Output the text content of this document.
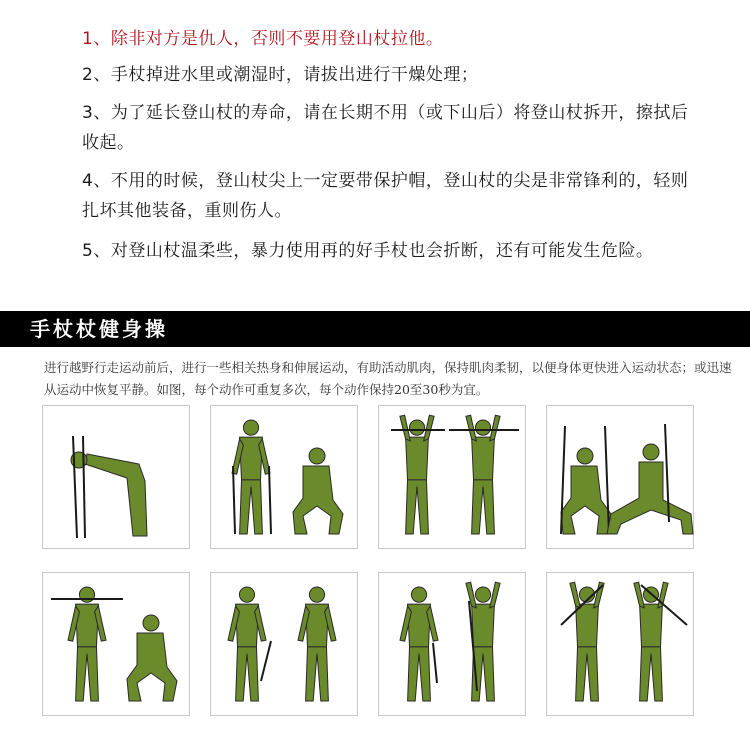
1、除非对方是仇人，否则不要用登山杖拉他。
2、手杖掉进水里或潮湿时，请拔出进行干燥处理；
3、为了延长登山杖的寿命，请在长期不用（或下山后）将登山杖拆开，擦拭后收起。
4、不用的时候，登山杖尖上一定要带保护帽，登山杖的尖是非常锋利的，轻则扎坏其他装备，重则伤人。
5、对登山杖温柔些，暴力使用再的好手杖也会折断，还有可能发生危险。
手杖杖健身操
进行越野行走运动前后，进行一些相关热身和伸展运动，有助活动肌肉，保持肌肉柔韧，以便身体更快进入运动状态；或迅速从运动中恢复平静。如图，每个动作可重复多次，每个动作保持20至30秒为宜。
